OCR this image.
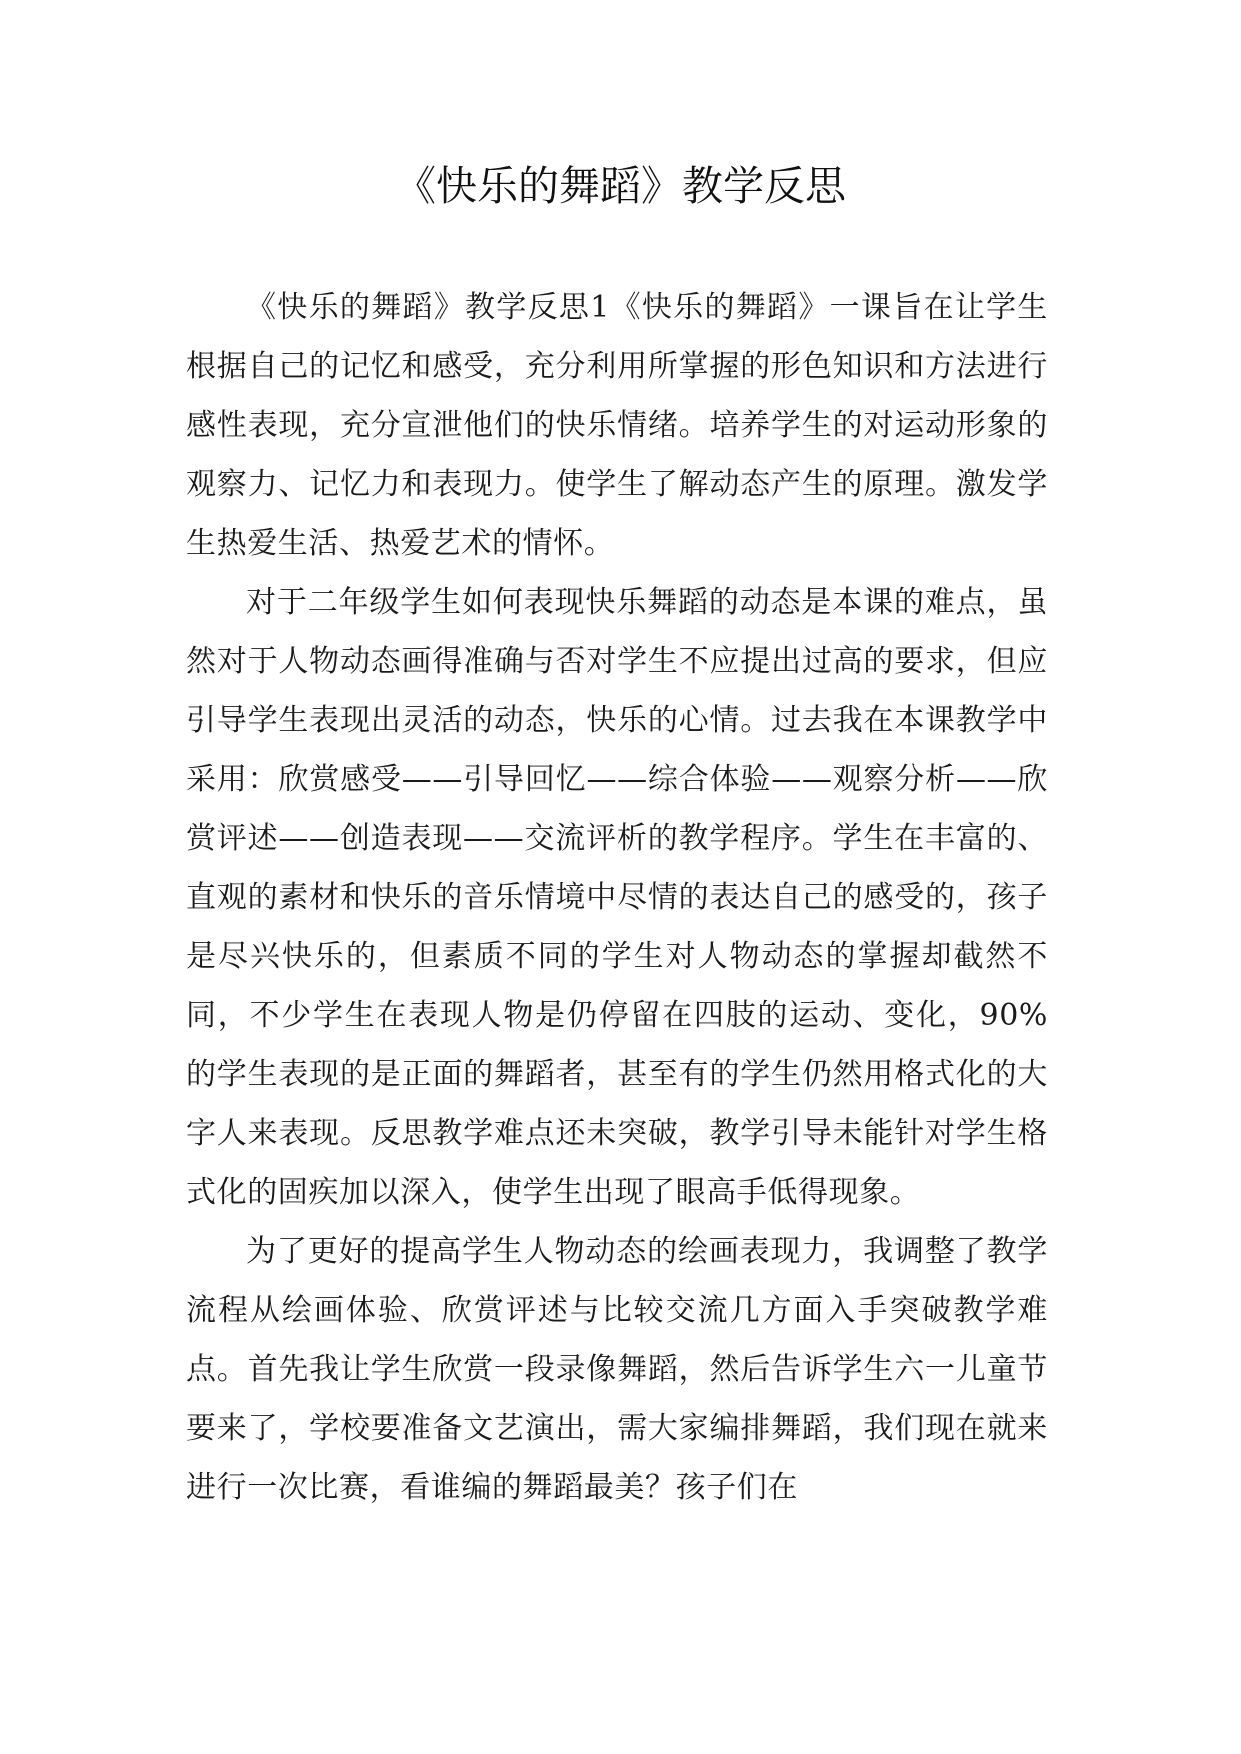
《快乐的舞蹈》教学反思

《快乐的舞蹈》教学反思1《快乐的舞蹈》一课旨在让学生根据自己的记忆和感受，充分利用所掌握的形色知识和方法进行感性表现，充分宣泄他们的快乐情绪。培养学生的对运动形象的观察力、记忆力和表现力。使学生了解动态产生的原理。激发学生热爱生活、热爱艺术的情怀。

对于二年级学生如何表现快乐舞蹈的动态是本课的难点，虽然对于人物动态画得准确与否对学生不应提出过高的要求，但应引导学生表现出灵活的动态，快乐的心情。过去我在本课教学中采用：欣赏感受——引导回忆——综合体验——观察分析——欣赏评述——创造表现——交流评析的教学程序。学生在丰富的、直观的素材和快乐的音乐情境中尽情的表达自己的感受的，孩子是尽兴快乐的，但素质不同的学生对人物动态的掌握却截然不同，不少学生在表现人物是仍停留在四肢的运动、变化，90%的学生表现的是正面的舞蹈者，甚至有的学生仍然用格式化的大字人来表现。反思教学难点还未突破，教学引导未能针对学生格式化的固疾加以深入，使学生出现了眼高手低得现象。

为了更好的提高学生人物动态的绘画表现力，我调整了教学流程从绘画体验、欣赏评述与比较交流几方面入手突破教学难点。首先我让学生欣赏一段录像舞蹈，然后告诉学生六一儿童节要来了，学校要准备文艺演出，需大家编排舞蹈，我们现在就来进行一次比赛，看谁编的舞蹈最美？孩子们在
